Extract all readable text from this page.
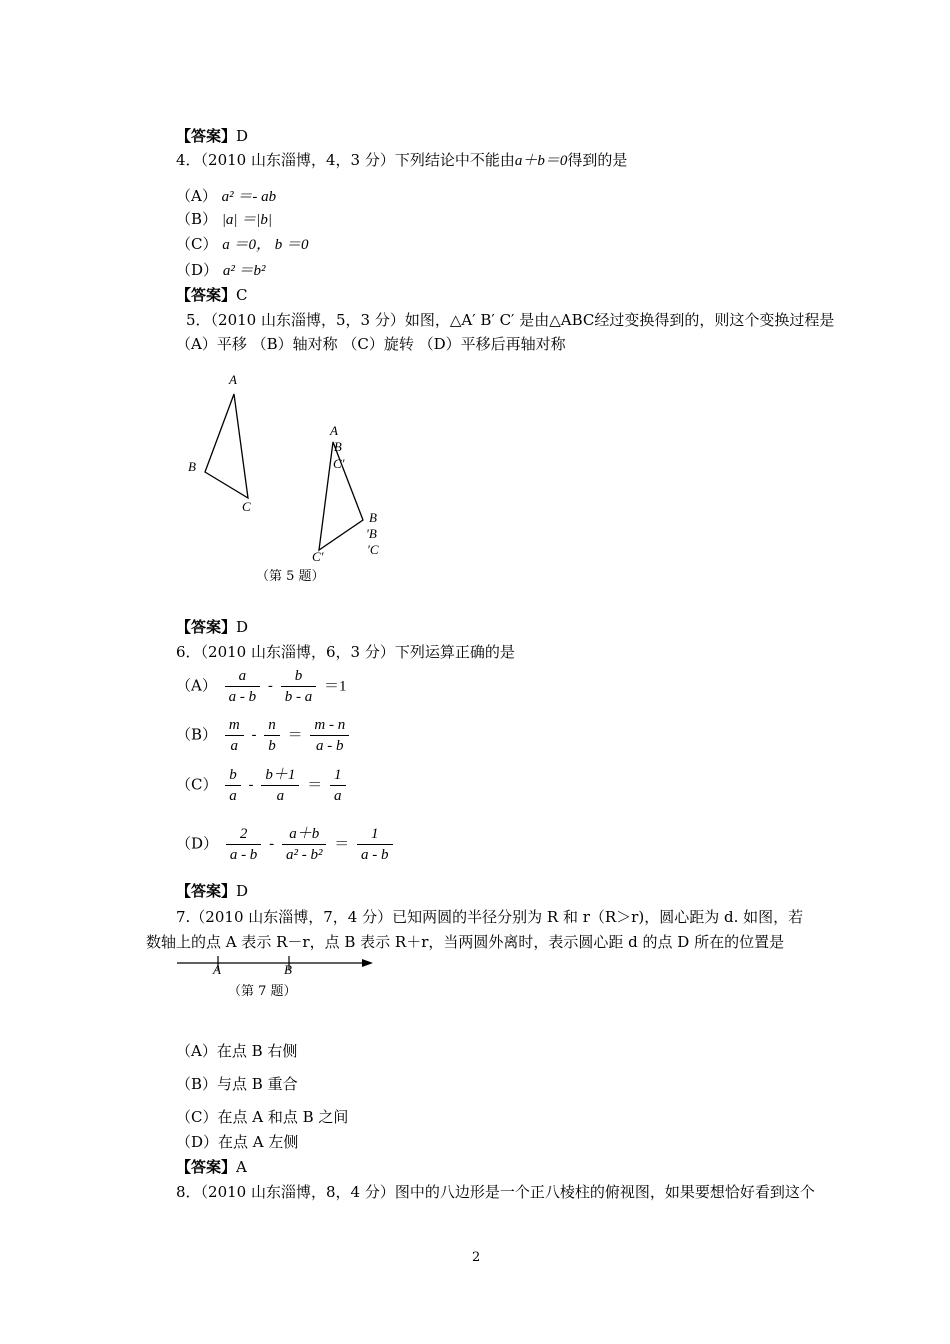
【答案】D
4．（2010 山东淄博，4，3 分）下列结论中不能由a＋b＝0得到的是
（A） a² ＝- ab
（B） |a| ＝|b|
（C） a ＝0， b ＝0
（D） a² ＝b²
【答案】C
5．（2010 山东淄博，5，3 分）如图，△A′ B′ C′ 是由△ABC经过变换得到的，则这个变换过程是
（A）平移 （B）轴对称 （C）旋转 （D）平移后再轴对称
A
B
C
A
′B
C′
B
′B
′C
C′
（第 5 题）
【答案】D
6．（2010 山东淄博，6，3 分）下列运算正确的是
$(A) \frac{a}{a - b} - \frac{b}{b - a} =1$
$(B) \frac{m}{a} - \frac{n}{b} = \frac{m - n}{a - b}$
$(C) \frac{b}{a} - \frac{b+1}{a} = \frac{1}{a}$
$(D) \frac{2}{a - b} - \frac{a+b}{\text{a² - b²}} = \frac{1}{a - b}$
【答案】D
7.（2010 山东淄博，7，4 分）已知两圆的半径分别为 R 和 r（R＞r)，圆心距为 d. 如图，若
数轴上的点 A 表示 R－r，点 B 表示 R＋r，当两圆外离时，表示圆心距 d 的点 D 所在的位置是
A	B
（第 7 题）
（A）在点 B 右侧
（B）与点 B 重合
（C）在点 A 和点 B 之间
（D）在点 A 左侧
【答案】A
8．（2010 山东淄博，8，4 分）图中的八边形是一个正八棱柱的俯视图，如果要想恰好看到这个
2
